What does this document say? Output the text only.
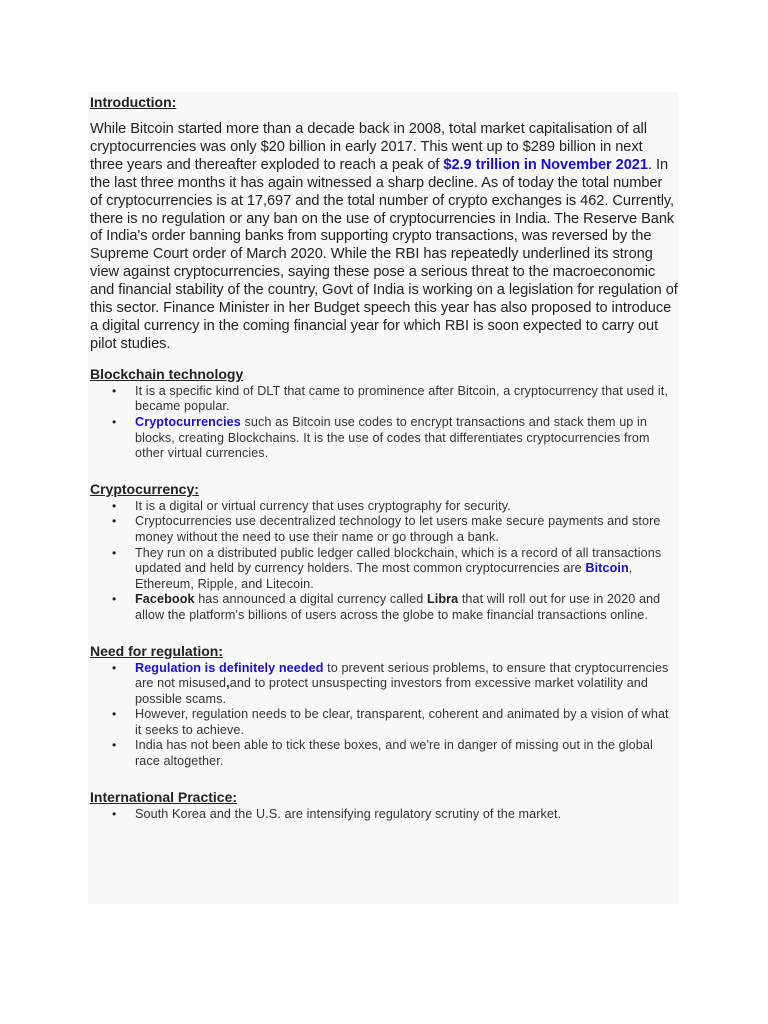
Introduction:

While Bitcoin started more than a decade back in 2008, total market capitalisation of all cryptocurrencies was only $20 billion in early 2017. This went up to $289 billion in next three years and thereafter exploded to reach a peak of $2.9 trillion in November 2021. In the last three months it has again witnessed a sharp decline. As of today the total number of cryptocurrencies is at 17,697 and the total number of crypto exchanges is 462. Currently, there is no regulation or any ban on the use of cryptocurrencies in India. The Reserve Bank of India's order banning banks from supporting crypto transactions, was reversed by the Supreme Court order of March 2020. While the RBI has repeatedly underlined its strong view against cryptocurrencies, saying these pose a serious threat to the macroeconomic and financial stability of the country, Govt of India is working on a legislation for regulation of this sector. Finance Minister in her Budget speech this year has also proposed to introduce a digital currency in the coming financial year for which RBI is soon expected to carry out pilot studies.

Blockchain technology
• It is a specific kind of DLT that came to prominence after Bitcoin, a cryptocurrency that used it, became popular.
• Cryptocurrencies such as Bitcoin use codes to encrypt transactions and stack them up in blocks, creating Blockchains. It is the use of codes that differentiates cryptocurrencies from other virtual currencies.
Cryptocurrency:
• It is a digital or virtual currency that uses cryptography for security.
• Cryptocurrencies use decentralized technology to let users make secure payments and store money without the need to use their name or go through a bank.
• They run on a distributed public ledger called blockchain, which is a record of all transactions updated and held by currency holders. The most common cryptocurrencies are Bitcoin, Ethereum, Ripple, and Litecoin.
• Facebook has announced a digital currency called Libra that will roll out for use in 2020 and allow the platform's billions of users across the globe to make financial transactions online.
Need for regulation:
• Regulation is definitely needed to prevent serious problems, to ensure that cryptocurrencies are not misused,and to protect unsuspecting investors from excessive market volatility and possible scams.
• However, regulation needs to be clear, transparent, coherent and animated by a vision of what it seeks to achieve.
• India has not been able to tick these boxes, and we're in danger of missing out in the global race altogether.
International Practice:
• South Korea and the U.S. are intensifying regulatory scrutiny of the market.
